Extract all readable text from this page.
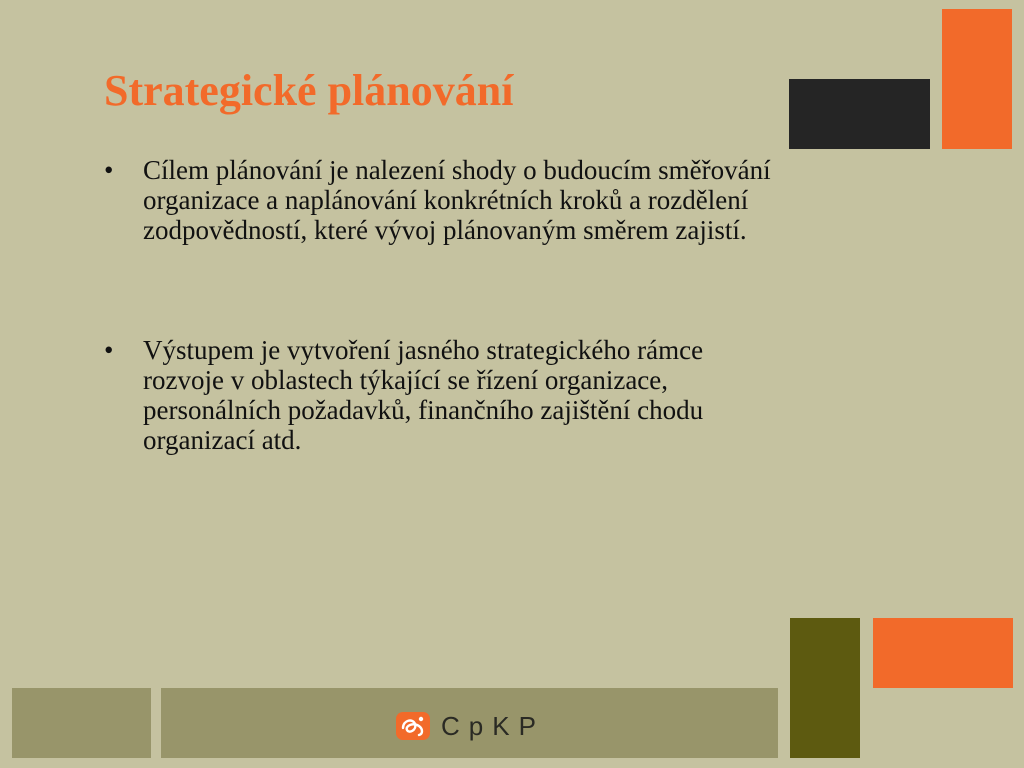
Strategické plánování
•	Cílem plánování je nalezení shody o budoucím směřování organizace a naplánování konkrétních kroků a rozdělení zodpovědností, které vývoj plánovaným směrem zajistí.
•	Výstupem je vytvoření jasného strategického rámce rozvoje v oblastech týkající se řízení organizace, personálních požadavků, finančního zajištění chodu organizací atd.
CpKP
